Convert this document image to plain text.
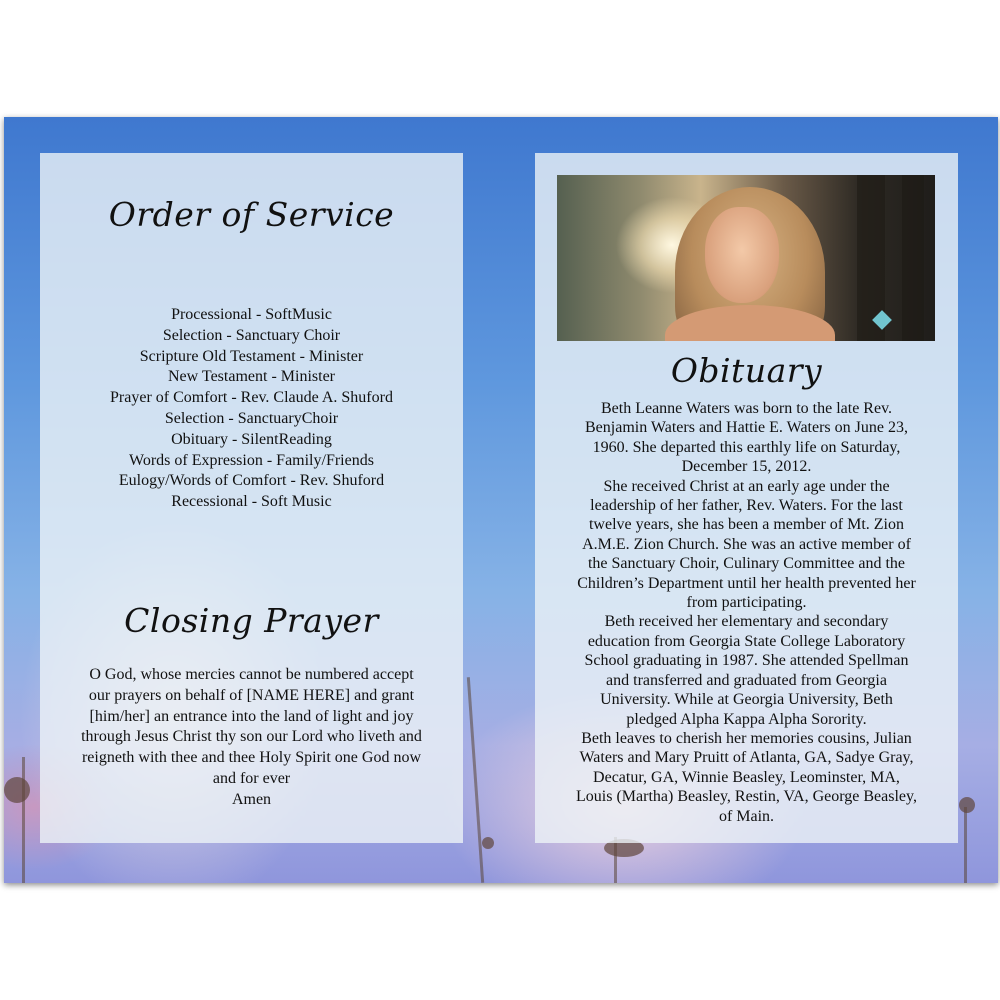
Order of Service
Processional - SoftMusic
Selection - Sanctuary Choir
Scripture Old Testament - Minister
New Testament - Minister
Prayer of Comfort - Rev. Claude A. Shuford
Selection - SanctuaryChoir
Obituary - SilentReading
Words of Expression - Family/Friends
Eulogy/Words of Comfort - Rev. Shuford
Recessional - Soft Music
Closing Prayer
O God, whose mercies cannot be numbered accept
our prayers on behalf of [NAME HERE] and grant
[him/her] an entrance into the land of light and joy
through Jesus Christ thy son our Lord who liveth and
reigneth with thee and thee Holy Spirit one God now
and for ever
Amen
Obituary
Beth Leanne Waters was born to the late Rev.
Benjamin Waters and Hattie E. Waters on June 23,
1960. She departed this earthly life on Saturday,
December 15, 2012.
She received Christ at an early age under the
leadership of her father, Rev. Waters. For the last
twelve years, she has been a member of Mt. Zion
A.M.E. Zion Church. She was an active member of
the Sanctuary Choir, Culinary Committee and the
Children’s Department until her health prevented her
from participating.
Beth received her elementary and secondary
education from Georgia State College Laboratory
School graduating in 1987. She attended Spellman
and transferred and graduated from Georgia
University. While at Georgia University, Beth
pledged Alpha Kappa Alpha Sorority.
Beth leaves to cherish her memories cousins, Julian
Waters and Mary Pruitt of Atlanta, GA, Sadye Gray,
Decatur, GA, Winnie Beasley, Leominster, MA,
Louis (Martha) Beasley, Restin, VA, George Beasley,
of Main.
